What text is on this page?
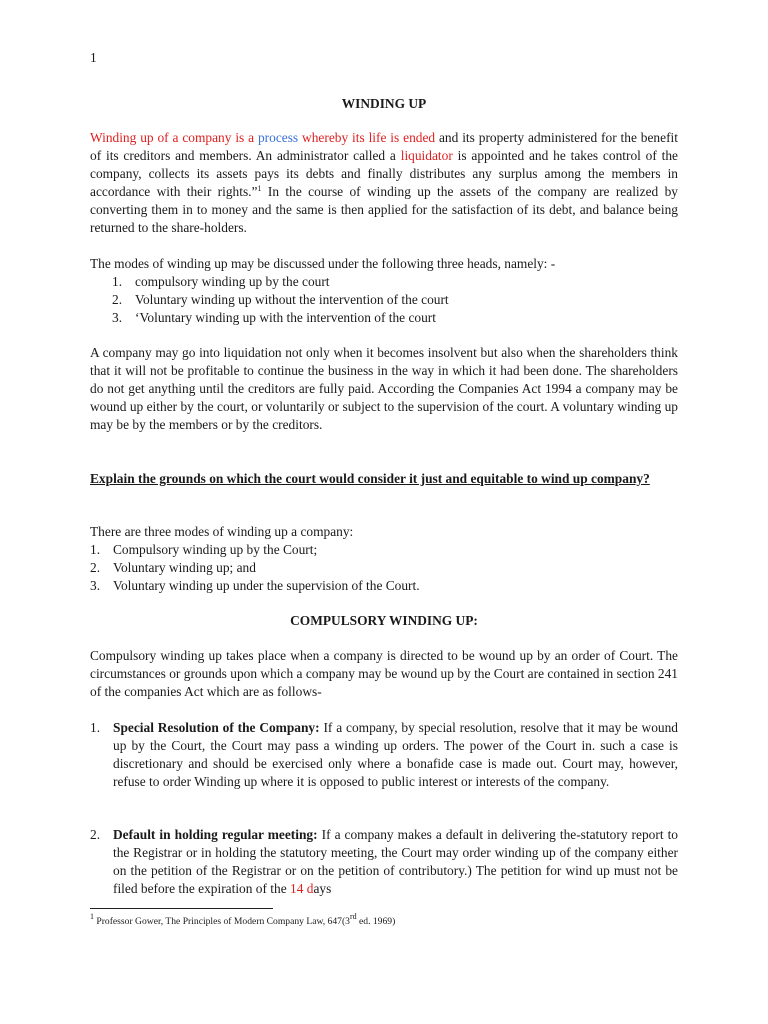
1
WINDING UP
Winding up of a company is a process whereby its life is ended and its property administered for the benefit of its creditors and members. An administrator called a liquidator is appointed and he takes control of the company, collects its assets pays its debts and finally distributes any surplus among the members in accordance with their rights.”$^1$ In the course of winding up the assets of the company are realized by converting them in to money and the same is then applied for the satisfaction of its debt, and balance being returned to the share-holders.
The modes of winding up may be discussed under the following three heads, namely: -
1. compulsory winding up by the court
2. Voluntary winding up without the intervention of the court
3. ‘Voluntary winding up with the intervention of the court
A company may go into liquidation not only when it becomes insolvent but also when the shareholders think that it will not be profitable to continue the business in the way in which it had been done. The shareholders do not get anything until the creditors are fully paid. According the Companies Act 1994 a company may be wound up either by the court, or voluntarily or subject to the supervision of the court. A voluntary winding up may be by the members or by the creditors.
Explain the grounds on which the court would consider it just and equitable to wind up company?
There are three modes of winding up a company:
1. Compulsory winding up by the Court;
2. Voluntary winding up; and
3. Voluntary winding up under the supervision of the Court.
COMPULSORY WINDING UP:
Compulsory winding up takes place when a company is directed to be wound up by an order of Court. The circumstances or grounds upon which a company may be wound up by the Court are contained in section 241 of the companies Act which are as follows-
1. Special Resolution of the Company: If a company, by special resolution, resolve that it may be wound up by the Court, the Court may pass a winding up orders. The power of the Court in. such a case is discretionary and should be exercised only where a bonafide case is made out. Court may, however, refuse to order Winding up where it is opposed to public interest or interests of the company.
2. Default in holding regular meeting: If a company makes a default in delivering the-statutory report to the Registrar or in holding the statutory meeting, the Court may order winding up of the company either on the petition of the Registrar or on the petition of contributory.) The petition for wind up must not be filed before the expiration of the 14 days
$^1$ Professor Gower, The Principles of Modern Company Law, 647(3rd ed. 1969)
